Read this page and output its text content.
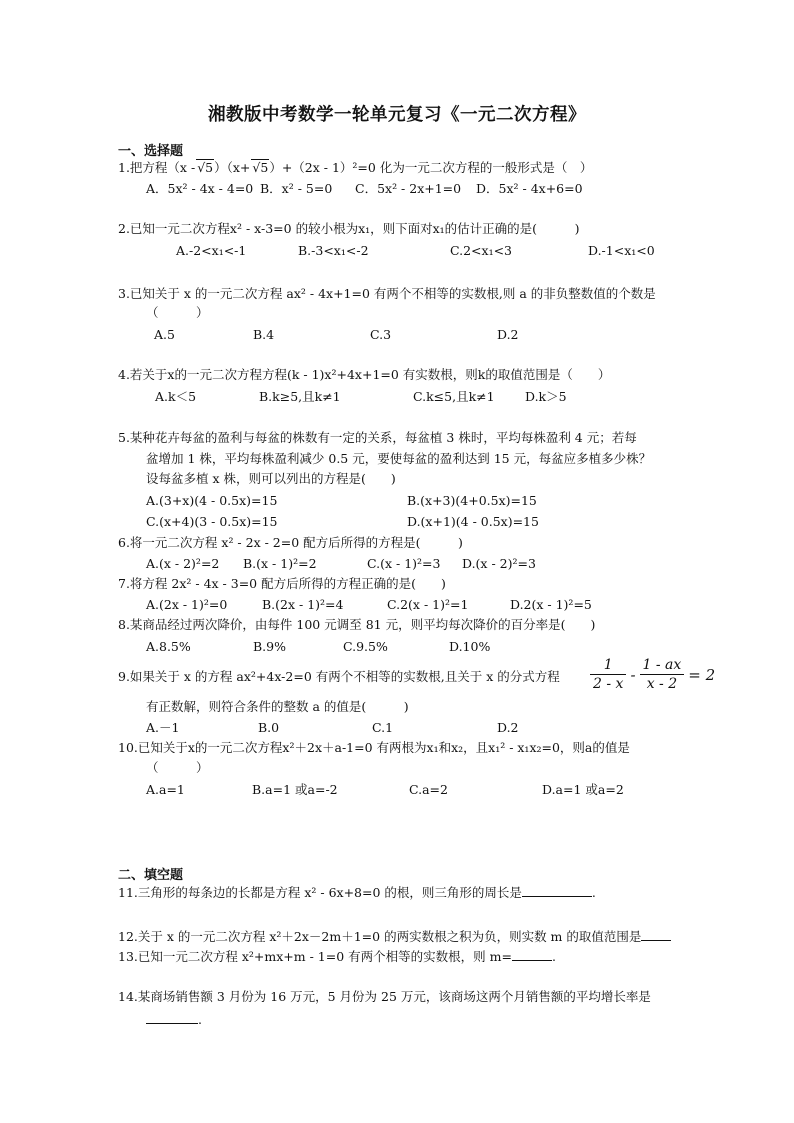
湘教版中考数学一轮单元复习《一元二次方程》
一、选择题
1.把方程（x - √5）（x+ √5）+（2x - 1）²=0 化为一元二次方程的一般形式是（　）
A．5x² - 4x - 4=0 B．x² - 5=0 C．5x² - 2x+1=0 D．5x² - 4x+6=0
2.已知一元二次方程x² - x-3=0 的较小根为x₁，则下面对x₁的估计正确的是(　　　)
A.-2<x₁<-1	B.-3<x₁<-2	C.2<x₁<3	D.-1<x₁<0
3.已知关于 x 的一元二次方程 ax² - 4x+1=0 有两个不相等的实数根,则 a 的非负整数值的个数是
（　　　）
A.5	B.4	C.3	D.2
4.若关于x的一元二次方程方程(k - 1)x²+4x+1=0 有实数根，则k的取值范围是（　　）
A.k＜5	B.k≥5,且k≠1	C.k≤5,且k≠1 D.k＞5
5.某种花卉每盆的盈利与每盆的株数有一定的关系，每盆植 3 株时，平均每株盈利 4 元；若每
盆增加 1 株，平均每株盈利减少 0.5 元，要使每盆的盈利达到 15 元，每盆应多植多少株？
设每盆多植 x 株，则可以列出的方程是(　　)
A.(3+x)(4 - 0.5x)=15	B.(x+3)(4+0.5x)=15
C.(x+4)(3 - 0.5x)=15	D.(x+1)(4 - 0.5x)=15
6.将一元二次方程 x² - 2x - 2=0 配方后所得的方程是(　　　)
A.(x - 2)²=2 B.(x - 1)²=2	C.(x - 1)²=3 D.(x - 2)²=3
7.将方程 2x² - 4x - 3=0 配方后所得的方程正确的是(　　)
A.(2x - 1)²=0	B.(2x - 1)²=4	C.2(x - 1)²=1	D.2(x - 1)²=5
8.某商品经过两次降价，由每件 100 元调至 81 元，则平均每次降价的百分率是(　　)
A.8.5%	B.9%	C.9.5%	D.10%
9.如果关于 x 的方程 ax²+4x-2=0 有两个不相等的实数根,且关于 x 的分式方程 $\frac{1}{2 - x} - \frac{1 - ax}{x - 2} = 2$
有正数解，则符合条件的整数 a 的值是(　　　)
A.－1	B.0	C.1	D.2
10.已知关于x的一元二次方程x²＋2x＋a-1=0 有两根为x₁和x₂，且x₁² - x₁x₂=0，则a的值是
（　　　）
A.a=1	B.a=1 或a=-2	C.a=2	D.a=1 或a=2
二、填空题
11.三角形的每条边的长都是方程 x² - 6x+8=0 的根，则三角形的周长是	.
12.关于 x 的一元二次方程 x²＋2x－2m＋1=0 的两实数根之积为负，则实数 m 的取值范围是
13.已知一元二次方程 x²+mx+m - 1=0 有两个相等的实数根，则 m=	.
14.某商场销售额 3 月份为 16 万元，5 月份为 25 万元，该商场这两个月销售额的平均增长率是
.
